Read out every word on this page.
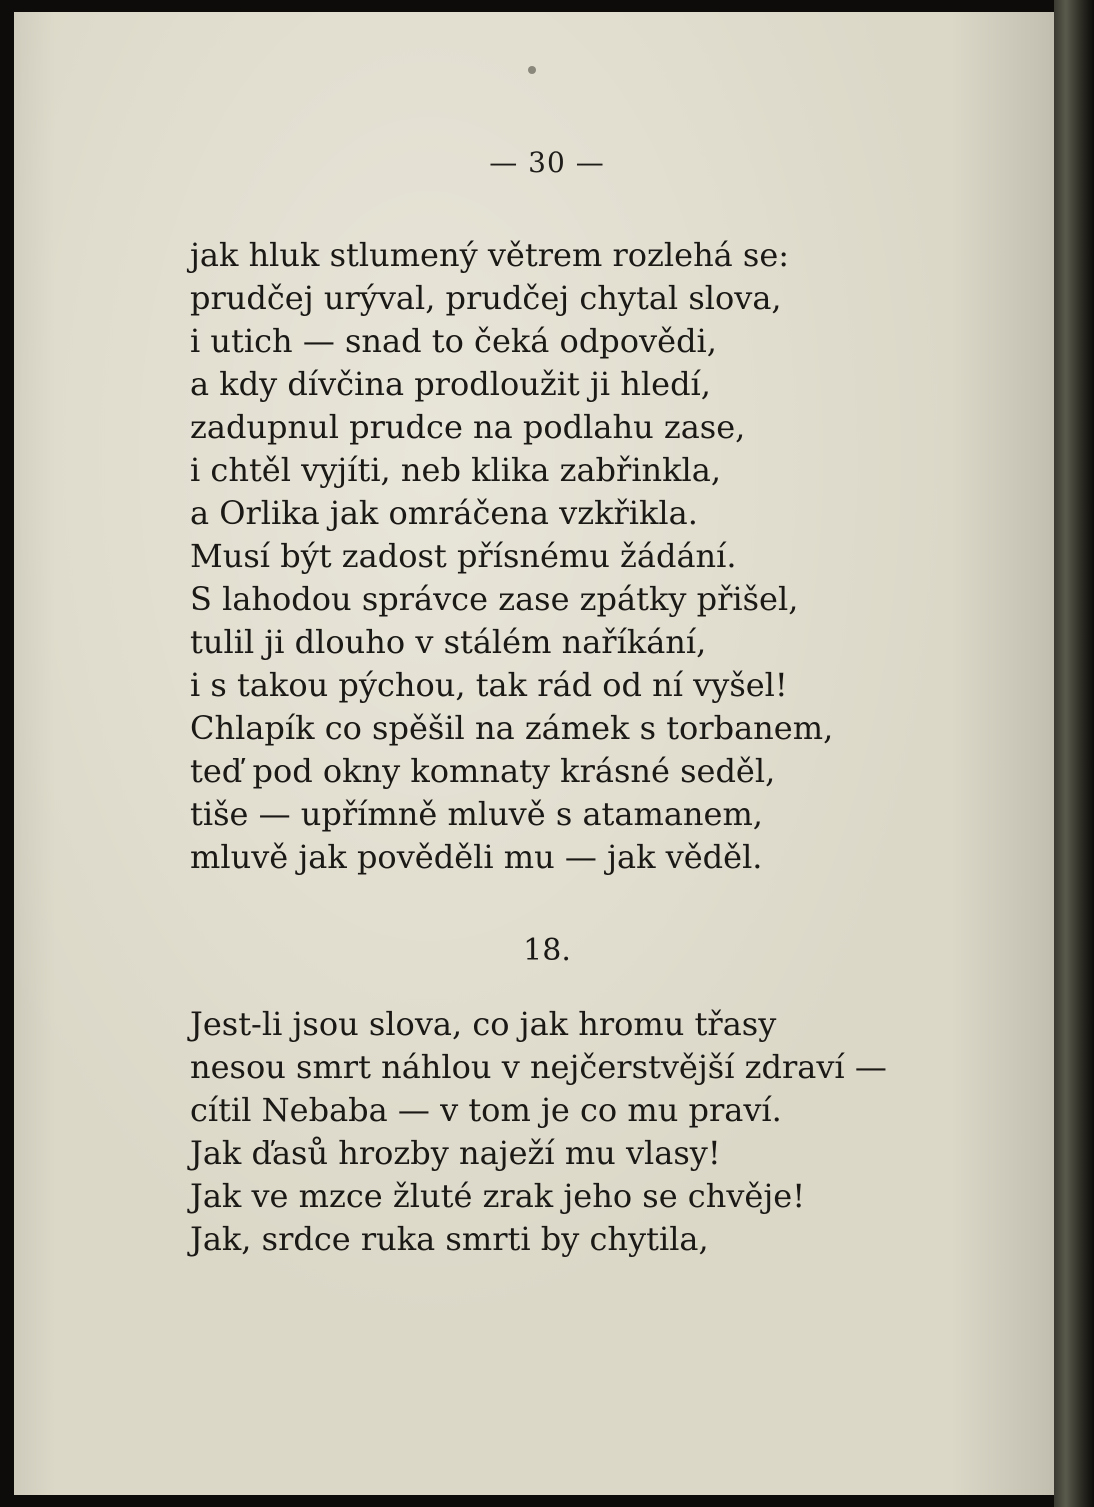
— 30 —
jak hluk stlumený větrem rozlehá se:
prudčej urýval, prudčej chytal slova,
i utich — snad to čeká odpovědi,
a kdy dívčina prodloužit ji hledí,
zadupnul prudce na podlahu zase,
i chtěl vyjíti, neb klika zabřinkla,
a Orlika jak omráčena vzkřikla.
Musí být zadost přísnému žádání.
S lahodou správce zase zpátky přišel,
tulil ji dlouho v stálém naříkání,
i s takou pýchou, tak rád od ní vyšel!
Chlapík co spěšil na zámek s torbanem,
teď pod okny komnaty krásné seděl,
tiše — upřímně mluvě s atamanem,
mluvě jak pověděli mu — jak věděl.
18.
Jest-li jsou slova, co jak hromu třasy
nesou smrt náhlou v nejčerstvější zdraví —
cítil Nebaba — v tom je co mu praví.
Jak ďasů hrozby naježí mu vlasy!
Jak ve mzce žluté zrak jeho se chvěje!
Jak, srdce ruka smrti by chytila,
